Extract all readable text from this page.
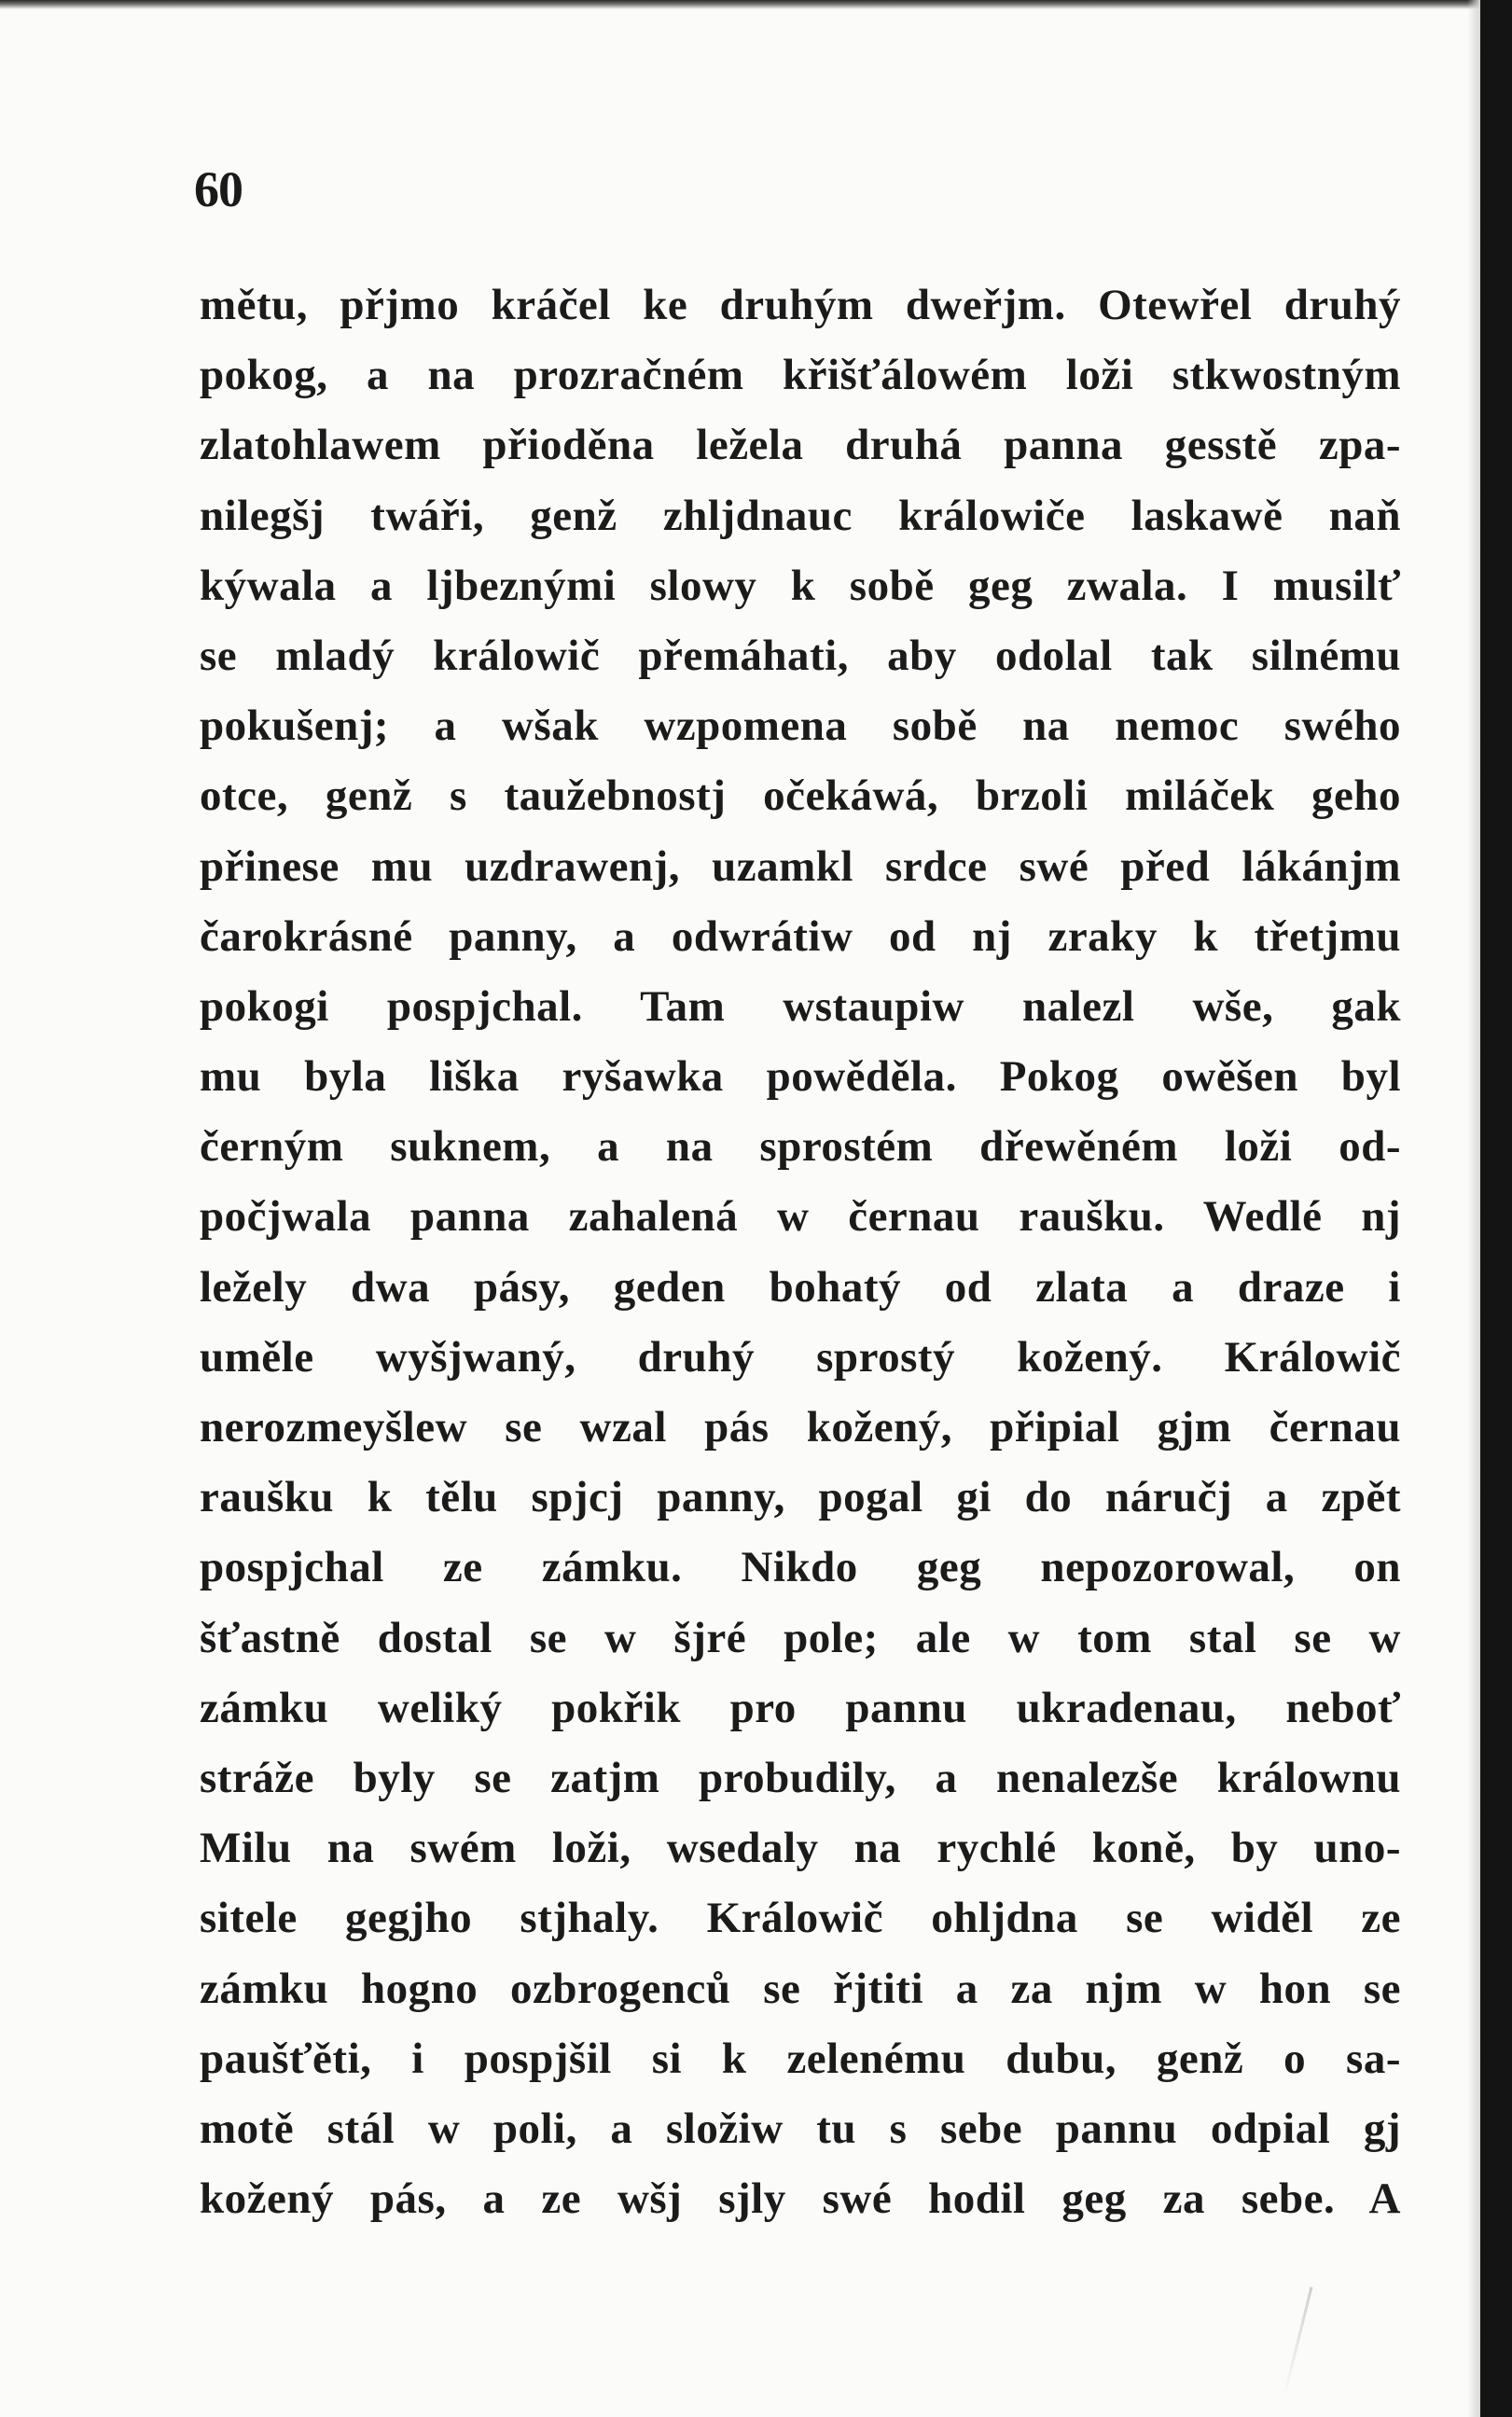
60
mětu, přjmo kráčel ke druhým dweřjm. Otewřel druhý
pokog, a na prozračném křišťálowém loži stkwostným
zlatohlawem přioděna ležela druhá panna gesstě zpa-
nilegšj twáři, genž zhljdnauc králowiče laskawě naň
kýwala a ljbeznými slowy k sobě geg zwala. I musilť
se mladý králowič přemáhati, aby odolal tak silnému
pokušenj; a wšak wzpomena sobě na nemoc swého
otce, genž s taužebnostj očekáwá, brzoli miláček geho
přinese mu uzdrawenj, uzamkl srdce swé před lákánjm
čarokrásné panny, a odwrátiw od nj zraky k třetjmu
pokogi pospjchal. Tam wstaupiw nalezl wše, gak
mu byla liška ryšawka powěděla. Pokog owěšen byl
černým suknem, a na sprostém dřewěném loži od-
počjwala panna zahalená w černau raušku. Wedlé nj
ležely dwa pásy, geden bohatý od zlata a draze i
uměle wyšjwaný, druhý sprostý kožený. Králowič
nerozmeyšlew se wzal pás kožený, připial gjm černau
raušku k tělu spjcj panny, pogal gi do náručj a zpět
pospjchal ze zámku. Nikdo geg nepozorowal, on
šťastně dostal se w šjré pole; ale w tom stal se w
zámku weliký pokřik pro pannu ukradenau, neboť
stráže byly se zatjm probudily, a nenalezše králownu
Milu na swém loži, wsedaly na rychlé koně, by uno-
sitele gegjho stjhaly. Králowič ohljdna se widěl ze
zámku hogno ozbrogenců se řjtiti a za njm w hon se
paušťěti, i pospjšil si k zelenému dubu, genž o sa-
motě stál w poli, a složiw tu s sebe pannu odpial gj
kožený pás, a ze wšj sjly swé hodil geg za sebe. A
